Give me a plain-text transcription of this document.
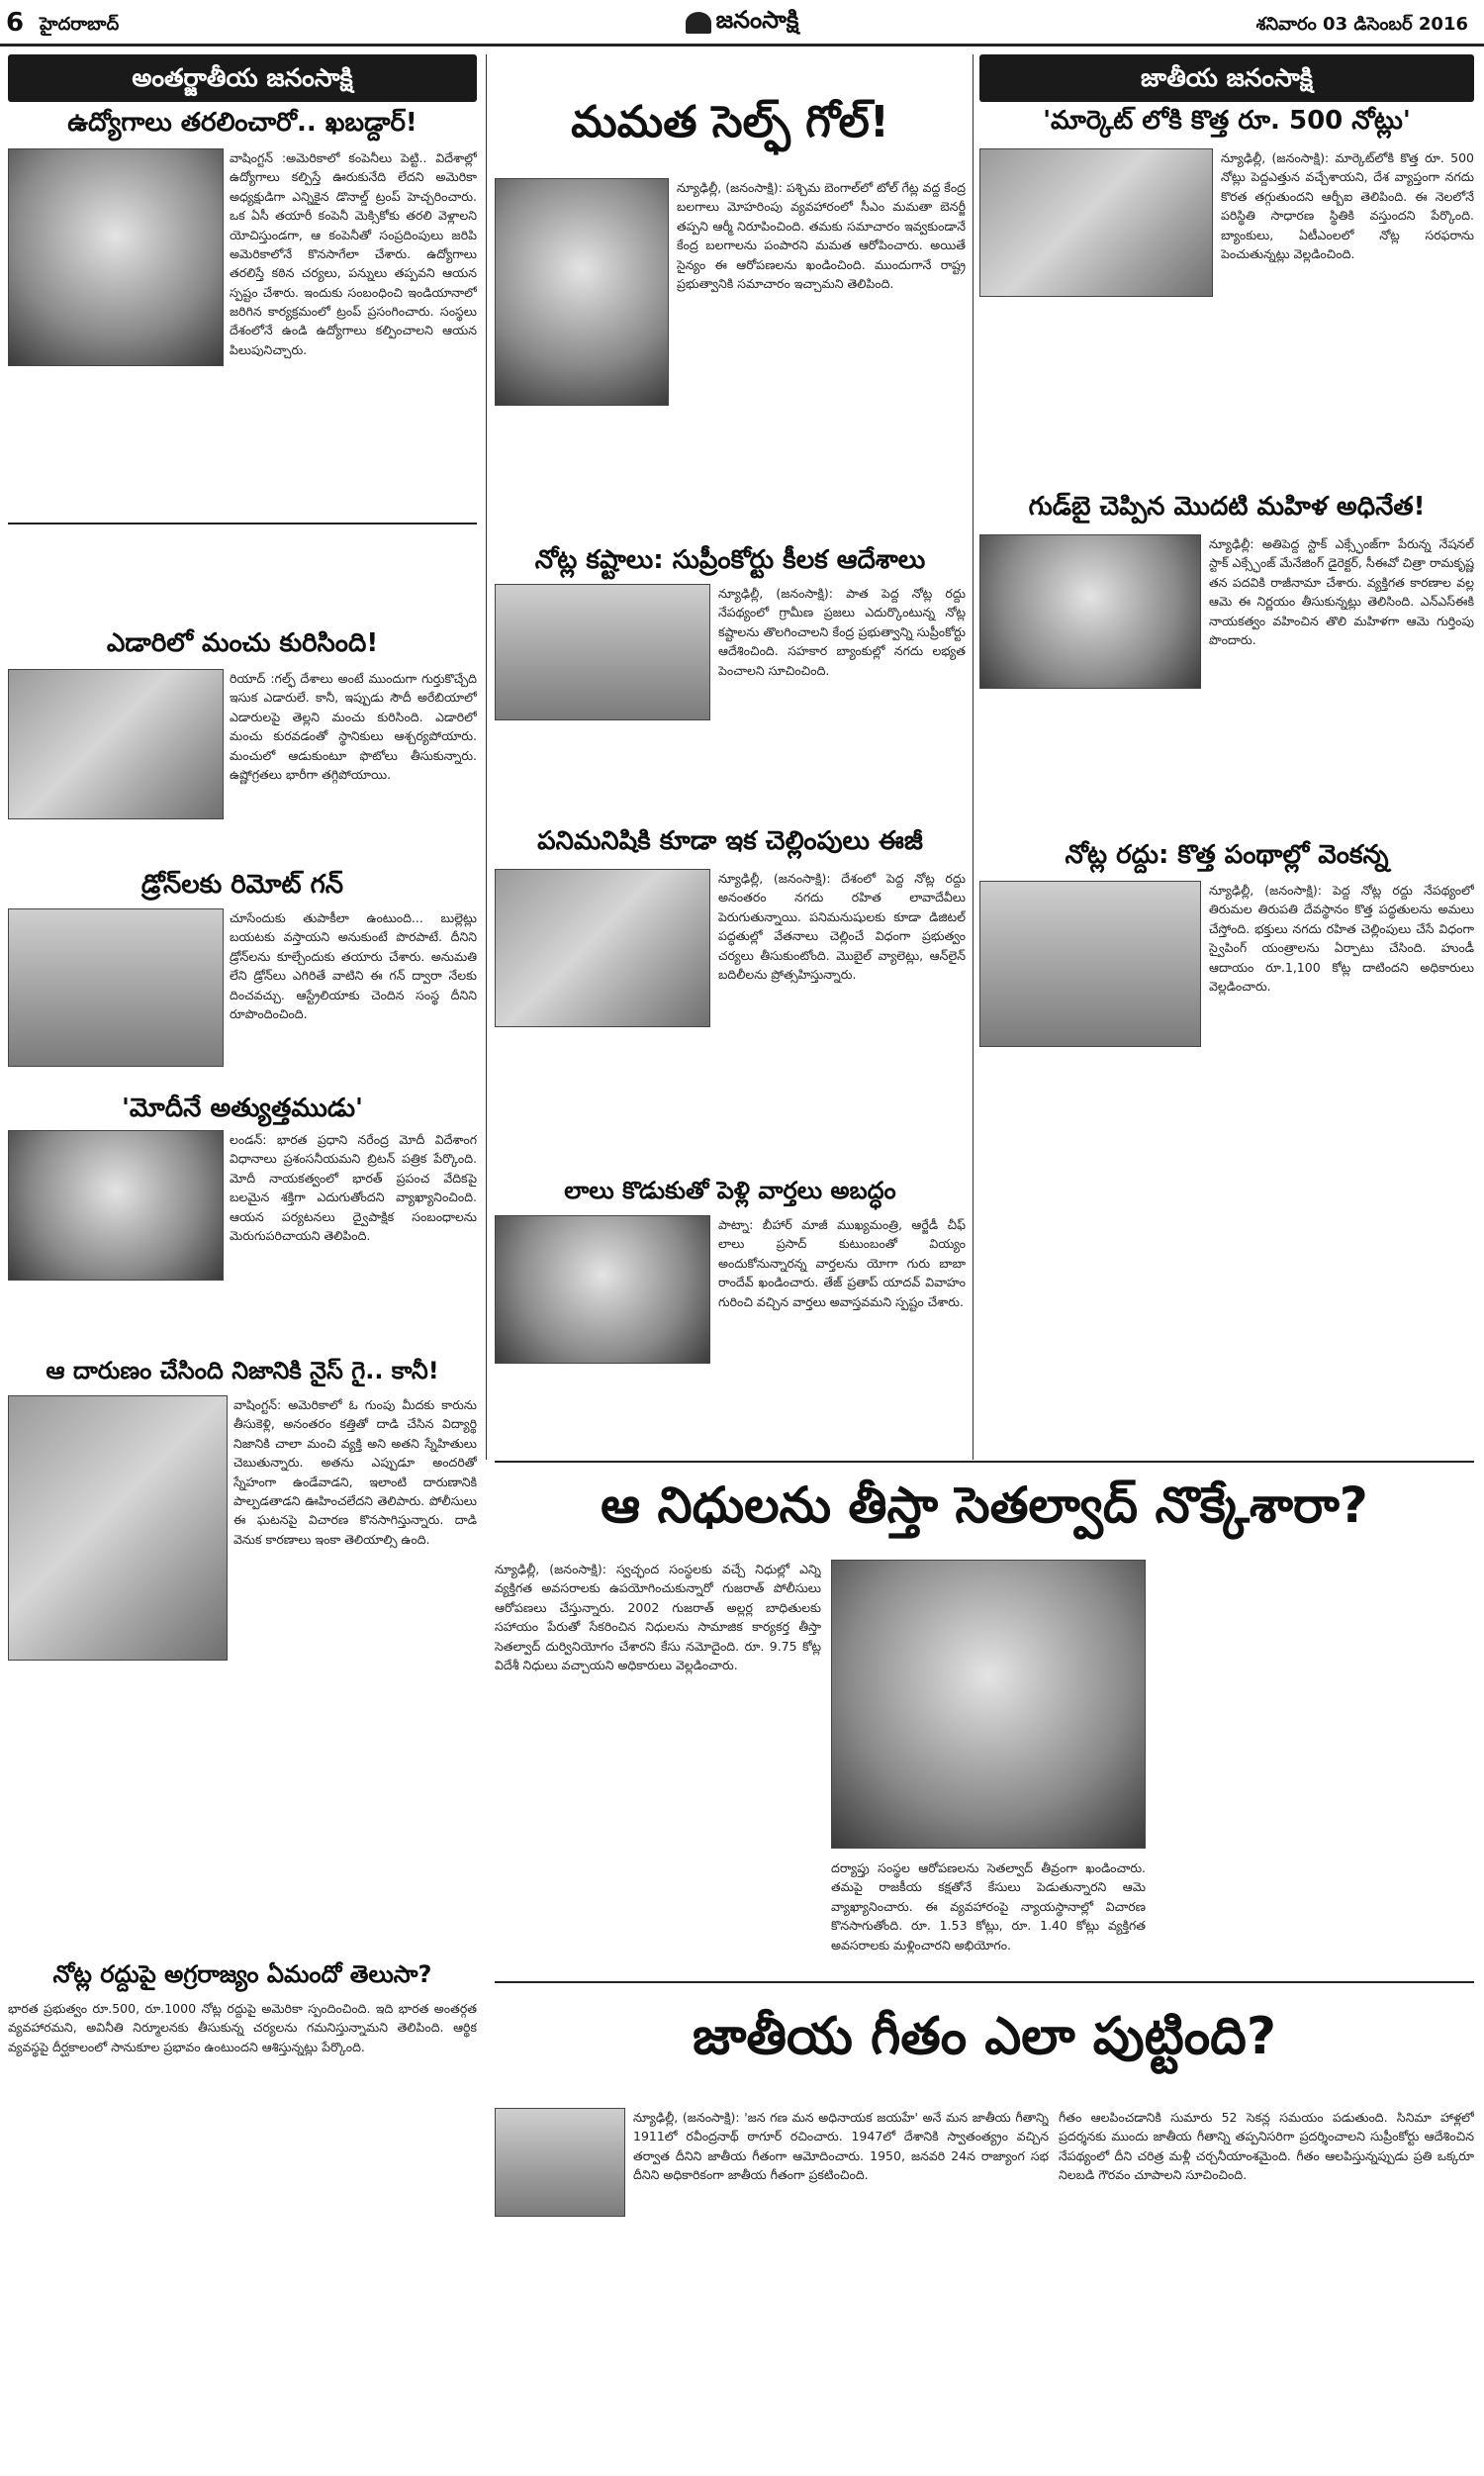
6 హైదరాబాద్	జనంసాక్షి	శనివారం 03 డిసెంబర్ 2016
అంతర్జాతీయ జనంసాక్షి	జాతీయ జనంసాక్షి
ఉద్యోగాలు తరలించారో.. ఖబడ్దార్!
వాషింగ్టన్ :అమెరికాలో కంపెనీలు పెట్టి.. విదేశాల్లో ఉద్యోగాలు కల్పిస్తే ఊరుకునేది లేదని అమెరికా అధ్యక్షుడిగా ఎన్నికైన డొనాల్డ్ ట్రంప్ హెచ్చరించారు. ఒక ఏసీ తయారీ కంపెనీ మెక్సికోకు తరలి వెళ్లాలని యోచిస్తుండగా, ఆ కంపెనీతో సంప్రదింపులు జరిపి అమెరికాలోనే కొనసాగేలా చేశారు. ఉద్యోగాలు తరలిస్తే కఠిన చర్యలు, పన్నులు తప్పవని ఆయన స్పష్టం చేశారు. ఇందుకు సంబంధించి ఇండియానాలో జరిగిన కార్యక్రమంలో ట్రంప్ ప్రసంగించారు. సంస్థలు దేశంలోనే ఉండి ఉద్యోగాలు కల్పించాలని ఆయన పిలుపునిచ్చారు.
ఎడారిలో మంచు కురిసింది!
రియాద్ :గల్ఫ్ దేశాలు అంటే ముందుగా గుర్తుకొచ్చేది ఇసుక ఎడారులే. కానీ, ఇప్పుడు సౌదీ అరేబియాలో ఎడారులపై తెల్లని మంచు కురిసింది. ఎడారిలో మంచు కురవడంతో స్థానికులు ఆశ్చర్యపోయారు. మంచులో ఆడుకుంటూ ఫొటోలు తీసుకున్నారు. ఉష్ణోగ్రతలు భారీగా తగ్గిపోయాయి.
డ్రోన్‌లకు రిమోట్ గన్
చూసేందుకు తుపాకీలా ఉంటుంది... బుల్లెట్లు బయటకు వస్తాయని అనుకుంటే పొరపాటే. దీనిని డ్రోన్‌లను కూల్చేందుకు తయారు చేశారు. అనుమతి లేని డ్రోన్‌లు ఎగిరితే వాటిని ఈ గన్ ద్వారా నేలకు దించవచ్చు. ఆస్ట్రేలియాకు చెందిన సంస్థ దీనిని రూపొందించింది.
'మోదీనే అత్యుత్తముడు'
లండన్: భారత ప్రధాని నరేంద్ర మోదీ విదేశాంగ విధానాలు ప్రశంసనీయమని బ్రిటన్ పత్రిక పేర్కొంది. మోదీ నాయకత్వంలో భారత్ ప్రపంచ వేదికపై బలమైన శక్తిగా ఎదుగుతోందని వ్యాఖ్యానించింది. ఆయన పర్యటనలు ద్వైపాక్షిక సంబంధాలను మెరుగుపరిచాయని తెలిపింది.
ఆ దారుణం చేసింది నిజానికి నైస్ గై.. కానీ!
వాషింగ్టన్: అమెరికాలో ఓ గుంపు మీదకు కారును తీసుకెళ్లి, అనంతరం కత్తితో దాడి చేసిన విద్యార్థి నిజానికి చాలా మంచి వ్యక్తి అని అతని స్నేహితులు చెబుతున్నారు. అతను ఎప్పుడూ అందరితో స్నేహంగా ఉండేవాడని, ఇలాంటి దారుణానికి పాల్పడతాడని ఊహించలేదని తెలిపారు. పోలీసులు ఈ ఘటనపై విచారణ కొనసాగిస్తున్నారు. దాడి వెనుక కారణాలు ఇంకా తెలియాల్సి ఉంది.
నోట్ల రద్దుపై అగ్రరాజ్యం ఏమందో తెలుసా?
భారత ప్రభుత్వం రూ.500, రూ.1000 నోట్ల రద్దుపై అమెరికా స్పందించింది. ఇది భారత అంతర్గత వ్యవహారమని, అవినీతి నిర్మూలనకు తీసుకున్న చర్యలను గమనిస్తున్నామని తెలిపింది. ఆర్థిక వ్యవస్థపై దీర్ఘకాలంలో సానుకూల ప్రభావం ఉంటుందని ఆశిస్తున్నట్లు పేర్కొంది.
మమత సెల్ఫ్ గోల్!
న్యూఢిల్లీ, (జనంసాక్షి): పశ్చిమ బెంగాల్‌లో టోల్ గేట్ల వద్ద కేంద్ర బలగాలు మోహరింపు వ్యవహారంలో సీఎం మమతా బెనర్జీ తప్పని ఆర్మీ నిరూపించింది. తమకు సమాచారం ఇవ్వకుండానే కేంద్ర బలగాలను పంపారని మమత ఆరోపించారు. అయితే సైన్యం ఈ ఆరోపణలను ఖండించింది. ముందుగానే రాష్ట్ర ప్రభుత్వానికి సమాచారం ఇచ్చామని తెలిపింది.
నోట్ల కష్టాలు: సుప్రీంకోర్టు కీలక ఆదేశాలు
న్యూఢిల్లీ, (జనంసాక్షి): పాత పెద్ద నోట్ల రద్దు నేపథ్యంలో గ్రామీణ ప్రజలు ఎదుర్కొంటున్న నోట్ల కష్టాలను తొలగించాలని కేంద్ర ప్రభుత్వాన్ని సుప్రీంకోర్టు ఆదేశించింది. సహకార బ్యాంకుల్లో నగదు లభ్యత పెంచాలని సూచించింది.
పనిమనిషికి కూడా ఇక చెల్లింపులు ఈజీ
న్యూఢిల్లీ, (జనంసాక్షి): దేశంలో పెద్ద నోట్ల రద్దు అనంతరం నగదు రహిత లావాదేవీలు పెరుగుతున్నాయి. పనిమనుషులకు కూడా డిజిటల్ పద్ధతుల్లో వేతనాలు చెల్లించే విధంగా ప్రభుత్వం చర్యలు తీసుకుంటోంది. మొబైల్ వ్యాలెట్లు, ఆన్‌లైన్ బదిలీలను ప్రోత్సహిస్తున్నారు.
లాలు కొడుకుతో పెళ్లి వార్తలు అబద్ధం
పాట్నా: బీహార్ మాజీ ముఖ్యమంత్రి, ఆర్జేడీ చీఫ్ లాలు ప్రసాద్ కుటుంబంతో వియ్యం అందుకోనున్నారన్న వార్తలను యోగా గురు బాబా రాందేవ్ ఖండించారు. తేజ్ ప్రతాప్ యాదవ్ వివాహం గురించి వచ్చిన వార్తలు అవాస్తవమని స్పష్టం చేశారు.
'మార్కెట్ లోకి కొత్త రూ. 500 నోట్లు'
న్యూఢిల్లీ, (జనంసాక్షి): మార్కెట్‌లోకి కొత్త రూ. 500 నోట్లు పెద్దఎత్తున వచ్చేశాయని, దేశ వ్యాప్తంగా నగదు కొరత తగ్గుతుందని ఆర్బీఐ తెలిపింది. ఈ నెలలోనే పరిస్థితి సాధారణ స్థితికి వస్తుందని పేర్కొంది. బ్యాంకులు, ఏటీఎంలలో నోట్ల సరఫరాను పెంచుతున్నట్లు వెల్లడించింది.
గుడ్‌బై చెప్పిన మొదటి మహిళ అధినేత!
న్యూఢిల్లీ: అతిపెద్ద స్టాక్ ఎక్స్ఛేంజ్‌గా పేరున్న నేషనల్ స్టాక్ ఎక్స్ఛేంజ్ మేనేజింగ్ డైరెక్టర్, సీఈవో చిత్రా రామకృష్ణ తన పదవికి రాజీనామా చేశారు. వ్యక్తిగత కారణాల వల్ల ఆమె ఈ నిర్ణయం తీసుకున్నట్లు తెలిసింది. ఎన్ఎస్ఈకి నాయకత్వం వహించిన తొలి మహిళగా ఆమె గుర్తింపు పొందారు.
నోట్ల రద్దు: కొత్త పంథాల్లో వెంకన్న
న్యూఢిల్లీ, (జనంసాక్షి): పెద్ద నోట్ల రద్దు నేపథ్యంలో తిరుమల తిరుపతి దేవస్థానం కొత్త పద్ధతులను అమలు చేస్తోంది. భక్తులు నగదు రహిత చెల్లింపులు చేసే విధంగా స్వైపింగ్ యంత్రాలను ఏర్పాటు చేసింది. హుండీ ఆదాయం రూ.1,100 కోట్ల దాటిందని అధికారులు వెల్లడించారు.
ఆ నిధులను తీస్తా సెతల్వాద్ నొక్కేశారా?
న్యూఢిల్లీ, (జనంసాక్షి): స్వచ్ఛంద సంస్థలకు వచ్చే నిధుల్లో ఎన్ని వ్యక్తిగత అవసరాలకు ఉపయోగించుకున్నారో గుజరాత్ పోలీసులు ఆరోపణలు చేస్తున్నారు. 2002 గుజరాత్ అల్లర్ల బాధితులకు సహాయం పేరుతో సేకరించిన నిధులను సామాజిక కార్యకర్త తీస్తా సెతల్వాద్ దుర్వినియోగం చేశారని కేసు నమోదైంది. రూ. 9.75 కోట్ల విదేశీ నిధులు వచ్చాయని అధికారులు వెల్లడించారు.
దర్యాప్తు సంస్థల ఆరోపణలను సెతల్వాద్ తీవ్రంగా ఖండించారు. తమపై రాజకీయ కక్షతోనే కేసులు పెడుతున్నారని ఆమె వ్యాఖ్యానించారు. ఈ వ్యవహారంపై న్యాయస్థానాల్లో విచారణ కొనసాగుతోంది. రూ. 1.53 కోట్లు, రూ. 1.40 కోట్లు వ్యక్తిగత అవసరాలకు మళ్లించారని అభియోగం.
జాతీయ గీతం ఎలా పుట్టింది?
న్యూఢిల్లీ, (జనంసాక్షి): 'జన గణ మన అధినాయక జయహే' అనే మన జాతీయ గీతాన్ని 1911లో రవీంద్రనాథ్ ఠాగూర్ రచించారు. 1947లో దేశానికి స్వాతంత్య్రం వచ్చిన తర్వాత దీనిని జాతీయ గీతంగా ఆమోదించారు. 1950, జనవరి 24న రాజ్యాంగ సభ దీనిని అధికారికంగా జాతీయ గీతంగా ప్రకటించింది.
గీతం ఆలపించడానికి సుమారు 52 సెకన్ల సమయం పడుతుంది. సినిమా హాళ్లలో ప్రదర్శనకు ముందు జాతీయ గీతాన్ని తప్పనిసరిగా ప్రదర్శించాలని సుప్రీంకోర్టు ఆదేశించిన నేపథ్యంలో దీని చరిత్ర మళ్లీ చర్చనీయాంశమైంది. గీతం ఆలపిస్తున్నప్పుడు ప్రతి ఒక్కరూ నిలబడి గౌరవం చూపాలని సూచించింది.
